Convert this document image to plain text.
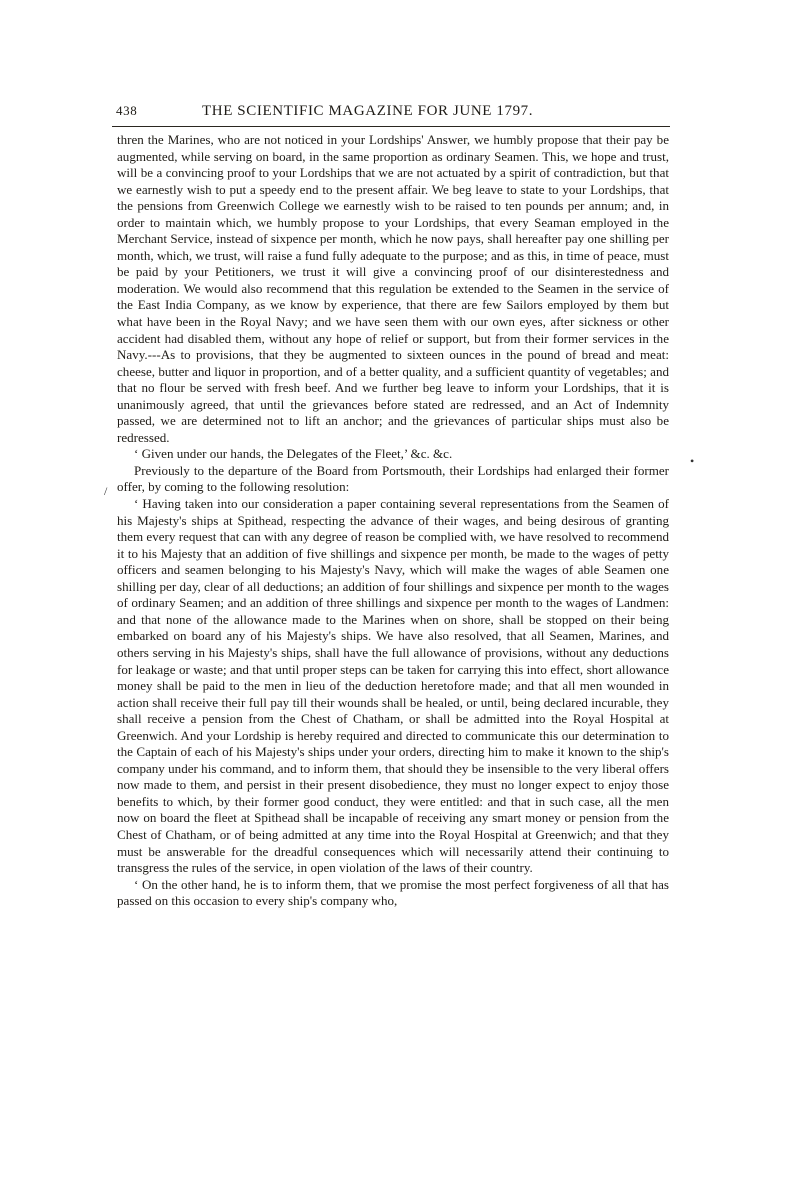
438	THE SCIENTIFIC MAGAZINE FOR JUNE 1797.

thren the Marines, who are not noticed in your Lordships' Answer, we humbly propose that their pay be augmented, while serving on board, in the same proportion as ordinary Seamen. This, we hope and trust, will be a convincing proof to your Lordships that we are not actuated by a spirit of contradiction, but that we earnestly wish to put a speedy end to the present affair. We beg leave to state to your Lordships, that the pensions from Greenwich College we earnestly wish to be raised to ten pounds per annum; and, in order to maintain which, we humbly propose to your Lordships, that every Seaman employed in the Merchant Service, instead of sixpence per month, which he now pays, shall hereafter pay one shilling per month, which, we trust, will raise a fund fully adequate to the purpose; and as this, in time of peace, must be paid by your Petitioners, we trust it will give a convincing proof of our disinterestedness and moderation. We would also recommend that this regulation be extended to the Seamen in the service of the East India Company, as we know by experience, that there are few Sailors employed by them but what have been in the Royal Navy; and we have seen them with our own eyes, after sickness or other accident had disabled them, without any hope of relief or support, but from their former services in the Navy.---As to provisions, that they be augmented to sixteen ounces in the pound of bread and meat: cheese, butter and liquor in proportion, and of a better quality, and a sufficient quantity of vegetables; and that no flour be served with fresh beef. And we further beg leave to inform your Lordships, that it is unanimously agreed, that until the grievances before stated are redressed, and an Act of Indemnity passed, we are determined not to lift an anchor; and the grievances of particular ships must also be redressed.

‘ Given under our hands, the Delegates of the Fleet,’ &c. &c.

Previously to the departure of the Board from Portsmouth, their Lordships had enlarged their former offer, by coming to the following resolution:

‘ Having taken into our consideration a paper containing several representations from the Seamen of his Majesty's ships at Spithead, respecting the advance of their wages, and being desirous of granting them every request that can with any degree of reason be complied with, we have resolved to recommend it to his Majesty that an addition of five shillings and sixpence per month, be made to the wages of petty officers and seamen belonging to his Majesty's Navy, which will make the wages of able Seamen one shilling per day, clear of all deductions; an addition of four shillings and sixpence per month to the wages of ordinary Seamen; and an addition of three shillings and sixpence per month to the wages of Landmen: and that none of the allowance made to the Marines when on shore, shall be stopped on their being embarked on board any of his Majesty's ships. We have also resolved, that all Seamen, Marines, and others serving in his Majesty's ships, shall have the full allowance of provisions, without any deductions for leakage or waste; and that until proper steps can be taken for carrying this into effect, short allowance money shall be paid to the men in lieu of the deduction heretofore made; and that all men wounded in action shall receive their full pay till their wounds shall be healed, or until, being declared incurable, they shall receive a pension from the Chest of Chatham, or shall be admitted into the Royal Hospital at Greenwich. And your Lordship is hereby required and directed to communicate this our determination to the Captain of each of his Majesty's ships under your orders, directing him to make it known to the ship's company under his command, and to inform them, that should they be insensible to the very liberal offers now made to them, and persist in their present disobedience, they must no longer expect to enjoy those benefits to which, by their former good conduct, they were entitled: and that in such case, all the men now on board the fleet at Spithead shall be incapable of receiving any smart money or pension from the Chest of Chatham, or of being admitted at any time into the Royal Hospital at Greenwich; and that they must be answerable for the dreadful consequences which will necessarily attend their continuing to transgress the rules of the service, in open violation of the laws of their country.

‘ On the other hand, he is to inform them, that we promise the most perfect forgiveness of all that has passed on this occasion to every ship's company who,

•
/
